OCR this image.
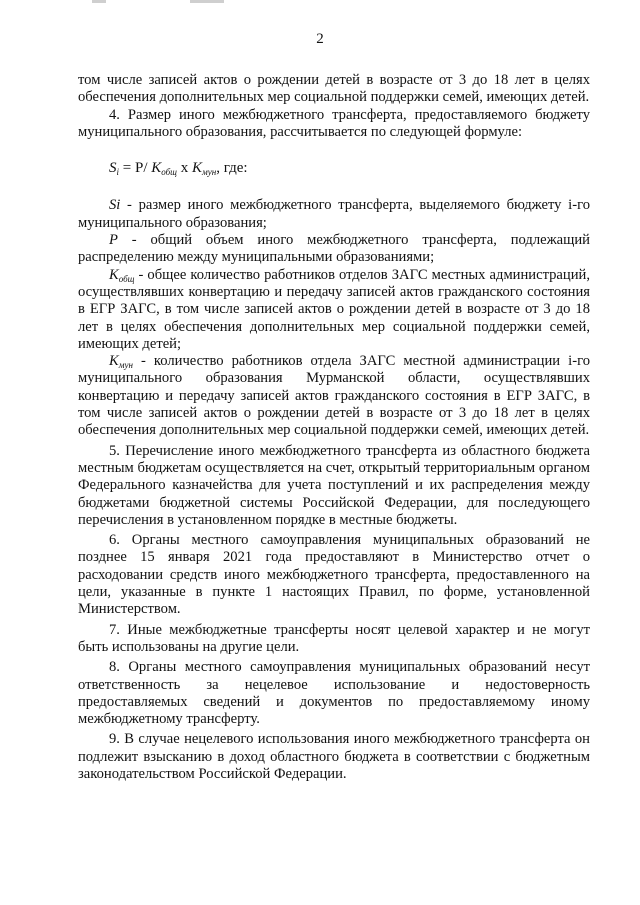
2

том числе записей актов о рождении детей в возрасте от 3 до 18 лет в целях обеспечения дополнительных мер социальной поддержки семей, имеющих детей.

4. Размер иного межбюджетного трансферта, предоставляемого бюджету муниципального образования, рассчитывается по следующей формуле:

$S_i = P/$ $K_{общ}$ х $K_{мун}$, где:

Si - размер иного межбюджетного трансферта, выделяемого бюджету i-го муниципального образования;

P - общий объем иного межбюджетного трансферта, подлежащий распределению между муниципальными образованиями;

$K_{общ}$ - общее количество работников отделов ЗАГС местных администраций, осуществлявших конвертацию и передачу записей актов гражданского состояния в ЕГР ЗАГС, в том числе записей актов о рождении детей в возрасте от 3 до 18 лет в целях обеспечения дополнительных мер социальной поддержки семей, имеющих детей;

$K_{мун}$ - количество работников отдела ЗАГС местной администрации i-го муниципального образования Мурманской области, осуществлявших конвертацию и передачу записей актов гражданского состояния в ЕГР ЗАГС, в том числе записей актов о рождении детей в возрасте от 3 до 18 лет в целях обеспечения дополнительных мер социальной поддержки семей, имеющих детей.

5. Перечисление иного межбюджетного трансферта из областного бюджета местным бюджетам осуществляется на счет, открытый территориальным органом Федерального казначейства для учета поступлений и их распределения между бюджетами бюджетной системы Российской Федерации, для последующего перечисления в установленном порядке в местные бюджеты.

6. Органы местного самоуправления муниципальных образований не позднее 15 января 2021 года предоставляют в Министерство отчет о расходовании средств иного межбюджетного трансферта, предоставленного на цели, указанные в пункте 1 настоящих Правил, по форме, установленной Министерством.

7. Иные межбюджетные трансферты носят целевой характер и не могут быть использованы на другие цели.

8. Органы местного самоуправления муниципальных образований несут ответственность за нецелевое использование и недостоверность предоставляемых сведений и документов по предоставляемому иному межбюджетному трансферту.

9. В случае нецелевого использования иного межбюджетного трансферта он подлежит взысканию в доход областного бюджета в соответствии с бюджетным законодательством Российской Федерации.
